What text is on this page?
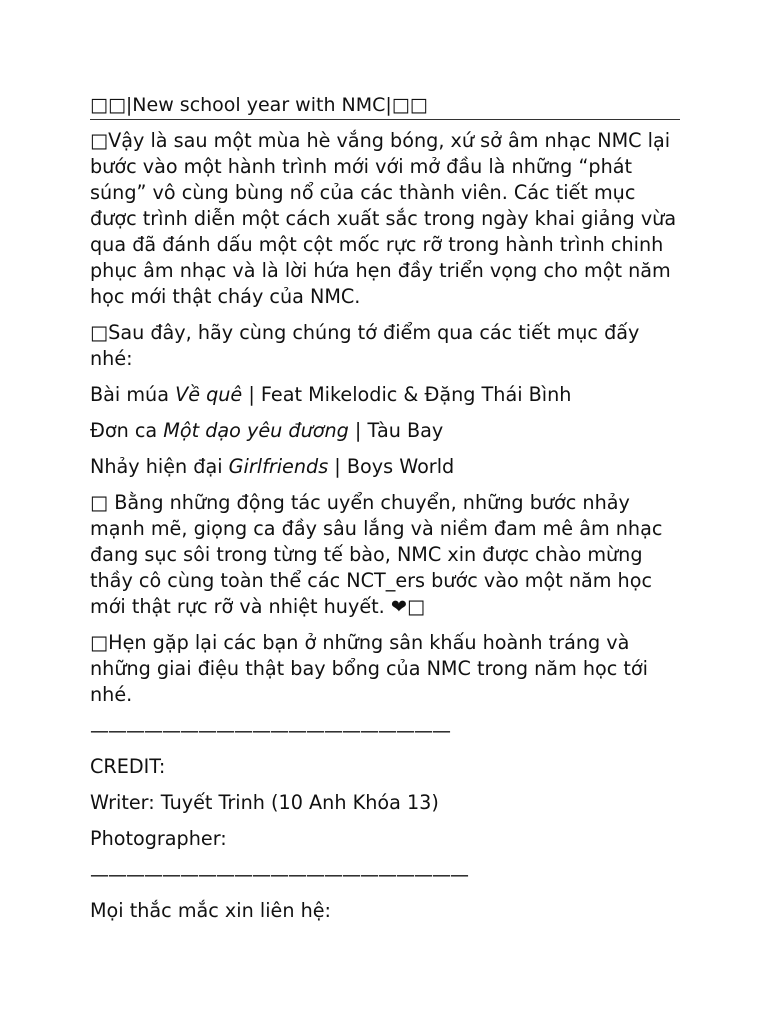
□□|New school year with NMC|□□

□Vậy là sau một mùa hè vắng bóng, xứ sở âm nhạc NMC lại bước vào một hành trình mới với mở đầu là những “phát súng” vô cùng bùng nổ của các thành viên. Các tiết mục được trình diễn một cách xuất sắc trong ngày khai giảng vừa qua đã đánh dấu một cột mốc rực rỡ trong hành trình chinh phục âm nhạc và là lời hứa hẹn đầy triển vọng cho một năm học mới thật cháy của NMC.

□Sau đây, hãy cùng chúng tớ điểm qua các tiết mục đấy nhé:

Bài múa Về quê | Feat Mikelodic & Đặng Thái Bình

Đơn ca Một dạo yêu đương | Tàu Bay

Nhảy hiện đại Girlfriends | Boys World

□ Bằng những động tác uyển chuyển, những bước nhảy mạnh mẽ, giọng ca đầy sâu lắng và niềm đam mê âm nhạc đang sục sôi trong từng tế bào, NMC xin được chào mừng thầy cô cùng toàn thể các NCT_ers bước vào một năm học mới thật rực rỡ và nhiệt huyết. ❤□

□Hẹn gặp lại các bạn ở những sân khấu hoành tráng và những giai điệu thật bay bổng của NMC trong năm học tới nhé.

————————————————————

CREDIT:

Writer: Tuyết Trinh (10 Anh Khóa 13)

Photographer:

—————————————————————

Mọi thắc mắc xin liên hệ:
